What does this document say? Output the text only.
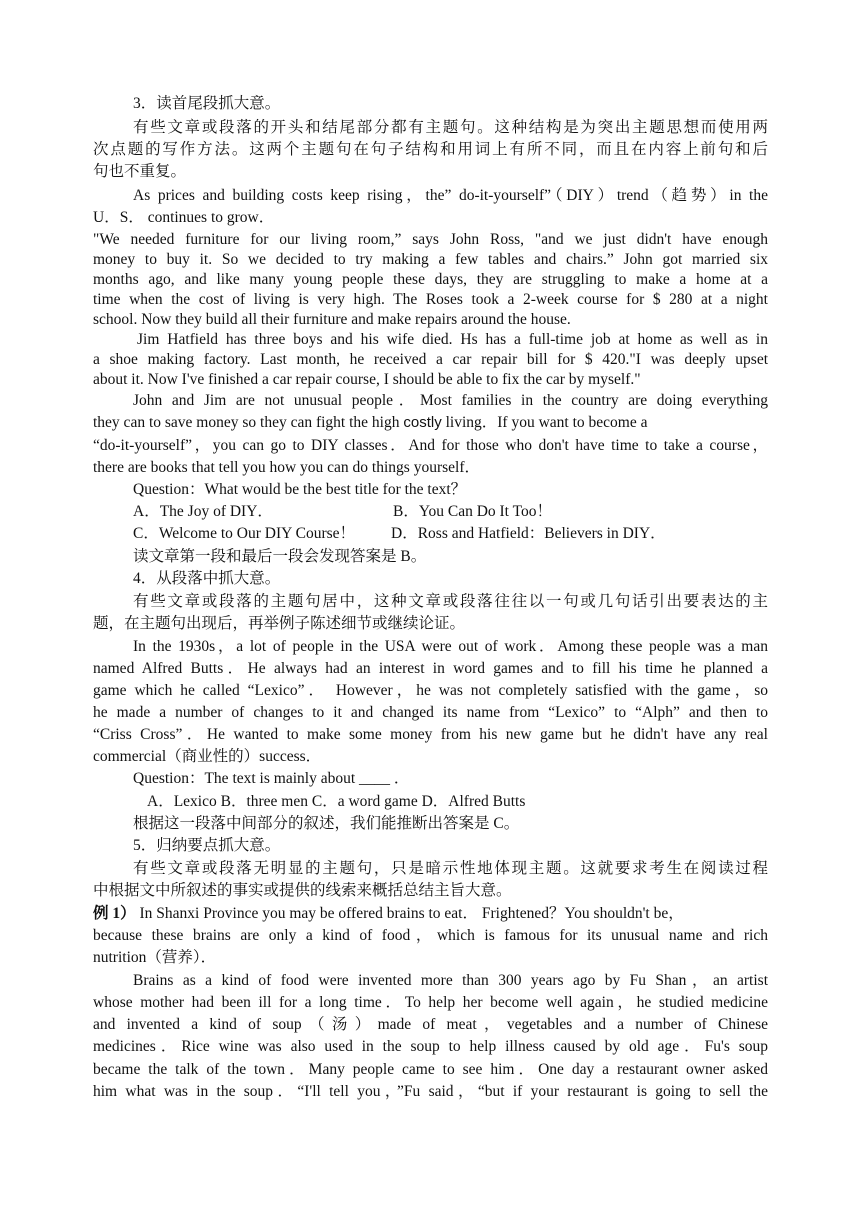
3．读首尾段抓大意。
有些文章或段落的开头和结尾部分都有主题句。这种结构是为突出主题思想而使用两
次点题的写作方法。这两个主题句在句子结构和用词上有所不同，而且在内容上前句和后
句也不重复。
As prices and building costs keep rising，the” do-it-yourself”（DIY）trend（趋势）in the
U．S． continues to grow．
"We needed furniture for our living room,” says John Ross, "and we just didn't have enough
money to buy it. So we decided to try making a few tables and chairs.” John got married six
months ago, and like many young people these days, they are struggling to make a home at a
time when the cost of living is very high. The Roses took a 2-week course for $ 280 at a night
school. Now they build all their furniture and make repairs around the house.
Jim Hatfield has three boys and his wife died. Hs has a full-time job at home as well as in
a shoe making factory. Last month, he received a car repair bill for $ 420."I was deeply upset
about it. Now I've finished a car repair course, I should be able to fix the car by myself."
John and Jim are not unusual people．Most families in the country are doing everything
they can to save money so they can fight the high costly living．If you want to become a
“do-it-yourself”，you can go to DIY classes．And for those who don't have time to take a course，
there are books that tell you how you can do things yourself．
Question：What would be the best title for the text？
A．The Joy of DIY．	B．You Can Do It Too！
C．Welcome to Our DIY Course！	D．Ross and Hatfield：Believers in DIY．
读文章第一段和最后一段会发现答案是 B。
4．从段落中抓大意。
有些文章或段落的主题句居中，这种文章或段落往往以一句或几句话引出要表达的主
题，在主题句出现后，再举例子陈述细节或继续论证。
In the 1930s，a lot of people in the USA were out of work．Among these people was a man
named Alfred Butts．He always had an interest in word games and to fill his time he planned a
game which he called “Lexico”． However，he was not completely satisfied with the game，so
he made a number of changes to it and changed its name from “Lexico” to “Alph” and then to
“Criss Cross”．He wanted to make some money from his new game but he didn't have any real
commercial（商业性的）success．
Question：The text is mainly about ____ ．
A．Lexico B．three men C．a word game D．Alfred Butts
根据这一段落中间部分的叙述，我们能推断出答案是 C。
5．归纳要点抓大意。
有些文章或段落无明显的主题句，只是暗示性地体现主题。这就要求考生在阅读过程
中根据文中所叙述的事实或提供的线索来概括总结主旨大意。
例 1） In Shanxi Province you may be offered brains to eat． Frightened？You shouldn't be，
because these brains are only a kind of food，which is famous for its unusual name and rich
nutrition（营养）．
Brains as a kind of food were invented more than 300 years ago by Fu Shan，an artist
whose mother had been ill for a long time．To help her become well again，he studied medicine
and invented a kind of soup（汤）made of meat，vegetables and a number of Chinese
medicines．Rice wine was also used in the soup to help illness caused by old age．Fu's soup
became the talk of the town．Many people came to see him．One day a restaurant owner asked
him what was in the soup．“I'll tell you，”Fu said，“but if your restaurant is going to sell the
